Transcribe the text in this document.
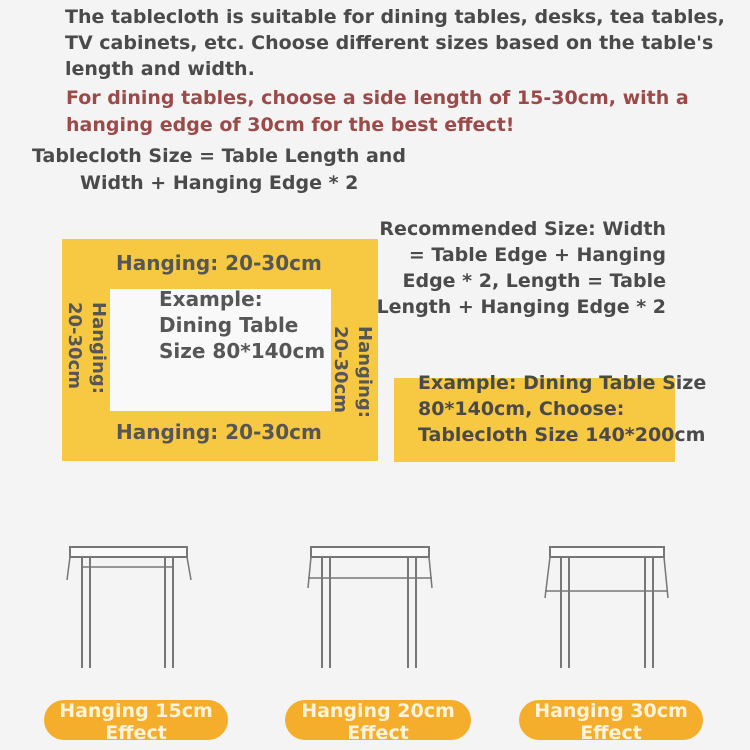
The tablecloth is suitable for dining tables, desks, tea tables, TV cabinets, etc. Choose different sizes based on the table's length and width.
For dining tables, choose a side length of 15-30cm, with a hanging edge of 30cm for the best effect!
Tablecloth Size = Table Length and
Width + Hanging Edge * 2
Hanging: 20-30cm
Hanging: 20-30cm
Example: Dining Table Size 80*140cm
Hanging: 20-30cm	Hanging: 20-30cm
Recommended Size: Width = Table Edge + Hanging Edge * 2, Length = Table Length + Hanging Edge * 2
Example: Dining Table Size 80*140cm, Choose: Tablecloth Size 140*200cm
Hanging 15cm
Effect
Hanging 20cm
Effect
Hanging 30cm
Effect
